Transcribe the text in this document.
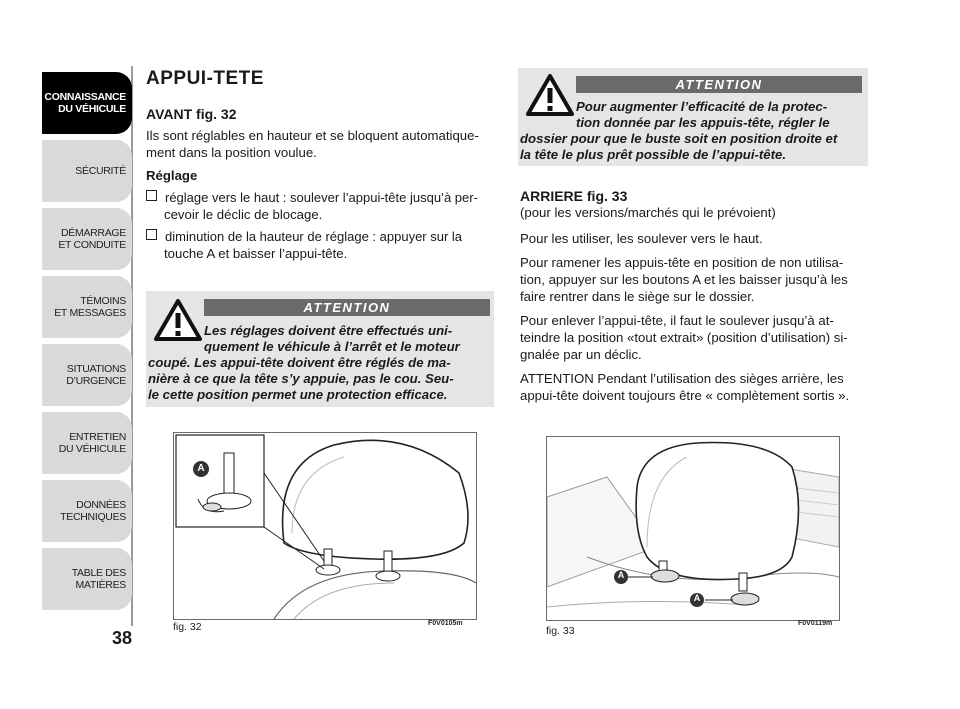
CONNAISSANCE
DU VÉHICULE
SÉCURITÉ
DÉMARRAGE
ET CONDUITE
TÉMOINS
ET MESSAGES
SITUATIONS
D’URGENCE
ENTRETIEN
DU VÉHICULE
DONNÉES
TECHNIQUES
TABLE DES
MATIÈRES
38
APPUI-TETE
AVANT fig. 32
Ils sont réglables en hauteur et se bloquent automatique-
ment dans la position voulue.
Réglage
réglage vers le haut : soulever l’appui-tête jusqu’à per-
cevoir le déclic de blocage.
diminution de la hauteur de réglage : appuyer sur la
touche A et baisser l’appui-tête.
ATTENTION
Les réglages doivent être effectués uni-
quement le véhicule à l’arrêt et le moteur
coupé. Les appui-tête doivent être réglés de ma-
nière à ce que la tête s’y appuie, pas le cou. Seu-
le cette position permet une protection efficace.
A
fig. 32	F0V0105m
ATTENTION
Pour augmenter l’efficacité de la protec-
tion donnée par les appuis-tête, régler le
dossier pour que le buste soit en position droite et
la tête le plus prêt possible de l’appui-tête.
ARRIERE fig. 33
(pour les versions/marchés qui le prévoient)
Pour les utiliser, les soulever vers le haut.
Pour ramener les appuis-tête en position de non utilisa-
tion, appuyer sur les boutons A et les baisser jusqu’à les
faire rentrer dans le siège sur le dossier.
Pour enlever l’appui-tête, il faut le soulever jusqu’à at-
teindre la position «tout extrait» (position d’utilisation) si-
gnalée par un déclic.
ATTENTION Pendant l’utilisation des sièges arrière, les
appui-tête doivent toujours être « complètement sortis ».
A
A
fig. 33
F0V0119m
